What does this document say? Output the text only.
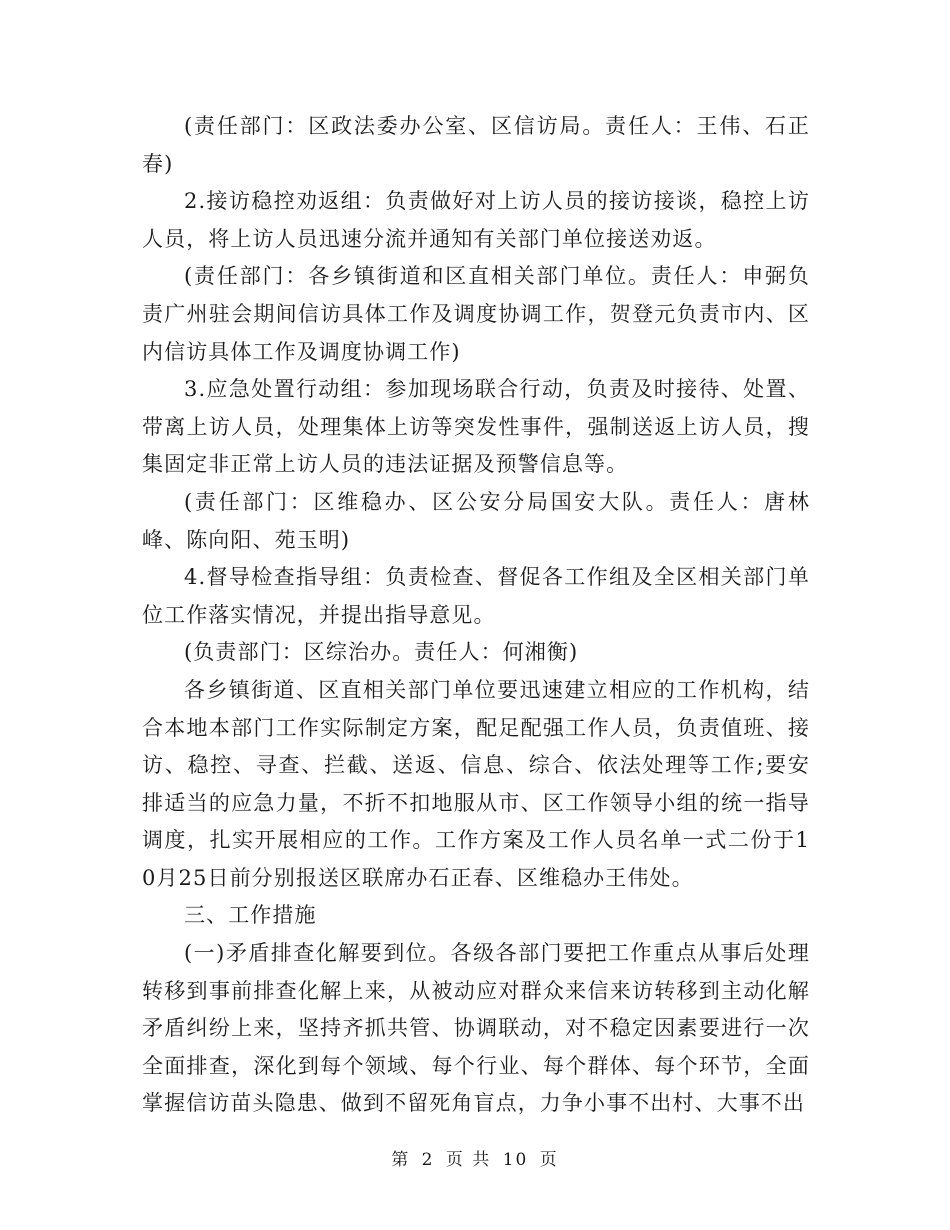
(责任部门：区政法委办公室、区信访局。责任人：王伟、石正春)

2.接访稳控劝返组：负责做好对上访人员的接访接谈，稳控上访人员，将上访人员迅速分流并通知有关部门单位接送劝返。

(责任部门：各乡镇街道和区直相关部门单位。责任人：申弼负责广州驻会期间信访具体工作及调度协调工作，贺登元负责市内、区内信访具体工作及调度协调工作)

3.应急处置行动组：参加现场联合行动，负责及时接待、处置、带离上访人员，处理集体上访等突发性事件，强制送返上访人员，搜集固定非正常上访人员的违法证据及预警信息等。

(责任部门：区维稳办、区公安分局国安大队。责任人：唐林峰、陈向阳、苑玉明)

4.督导检查指导组：负责检查、督促各工作组及全区相关部门单位工作落实情况，并提出指导意见。

(负责部门：区综治办。责任人：何湘衡)

各乡镇街道、区直相关部门单位要迅速建立相应的工作机构，结合本地本部门工作实际制定方案，配足配强工作人员，负责值班、接访、稳控、寻查、拦截、送返、信息、综合、依法处理等工作;要安排适当的应急力量，不折不扣地服从市、区工作领导小组的统一指导调度，扎实开展相应的工作。工作方案及工作人员名单一式二份于10月25日前分别报送区联席办石正春、区维稳办王伟处。

三、工作措施

(一)矛盾排查化解要到位。各级各部门要把工作重点从事后处理转移到事前排查化解上来，从被动应对群众来信来访转移到主动化解矛盾纠纷上来，坚持齐抓共管、协调联动，对不稳定因素要进行一次全面排查，深化到每个领域、每个行业、每个群体、每个环节，全面掌握信访苗头隐患、做到不留死角盲点，力争小事不出村、大事不出

第 2 页 共 10 页
